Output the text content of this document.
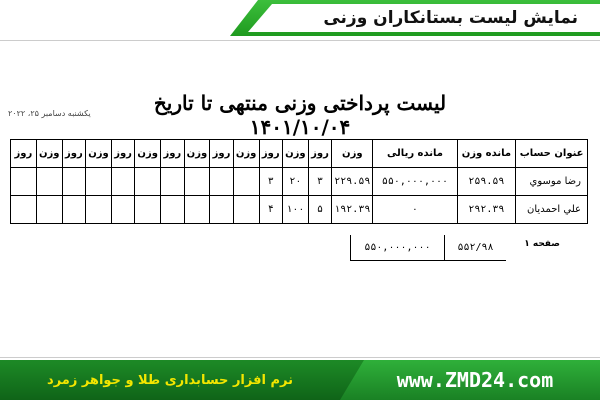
نمایش لیست بستانکاران وزنی
لیست پرداختی وزنی منتهی تا تاریخ ۱۴۰۱/۱۰/۰۴
یکشنبه دسامبر ۲۵، ۲۰۲۲
عنوان حساب	مانده وزن	مانده ریالی	وزن	روز	وزن	روز	وزن	روز	وزن	روز	وزن	روز	وزن	روز	وزن	روز
رضا موسوي	۲۵۹.۵۹	۵۵۰,۰۰۰,۰۰۰	۲۲۹.۵۹	۳	۲۰	۳										
علي احمديان	۲۹۲.۳۹	۰	۱۹۲.۳۹	۵	۱۰۰	۴										
۵۵۲/۹۸
۵۵۰,۰۰۰,۰۰۰	صفحه ۱
نرم افزار حسابداری طلا و جواهر زمرد	www.ZMD24.com
